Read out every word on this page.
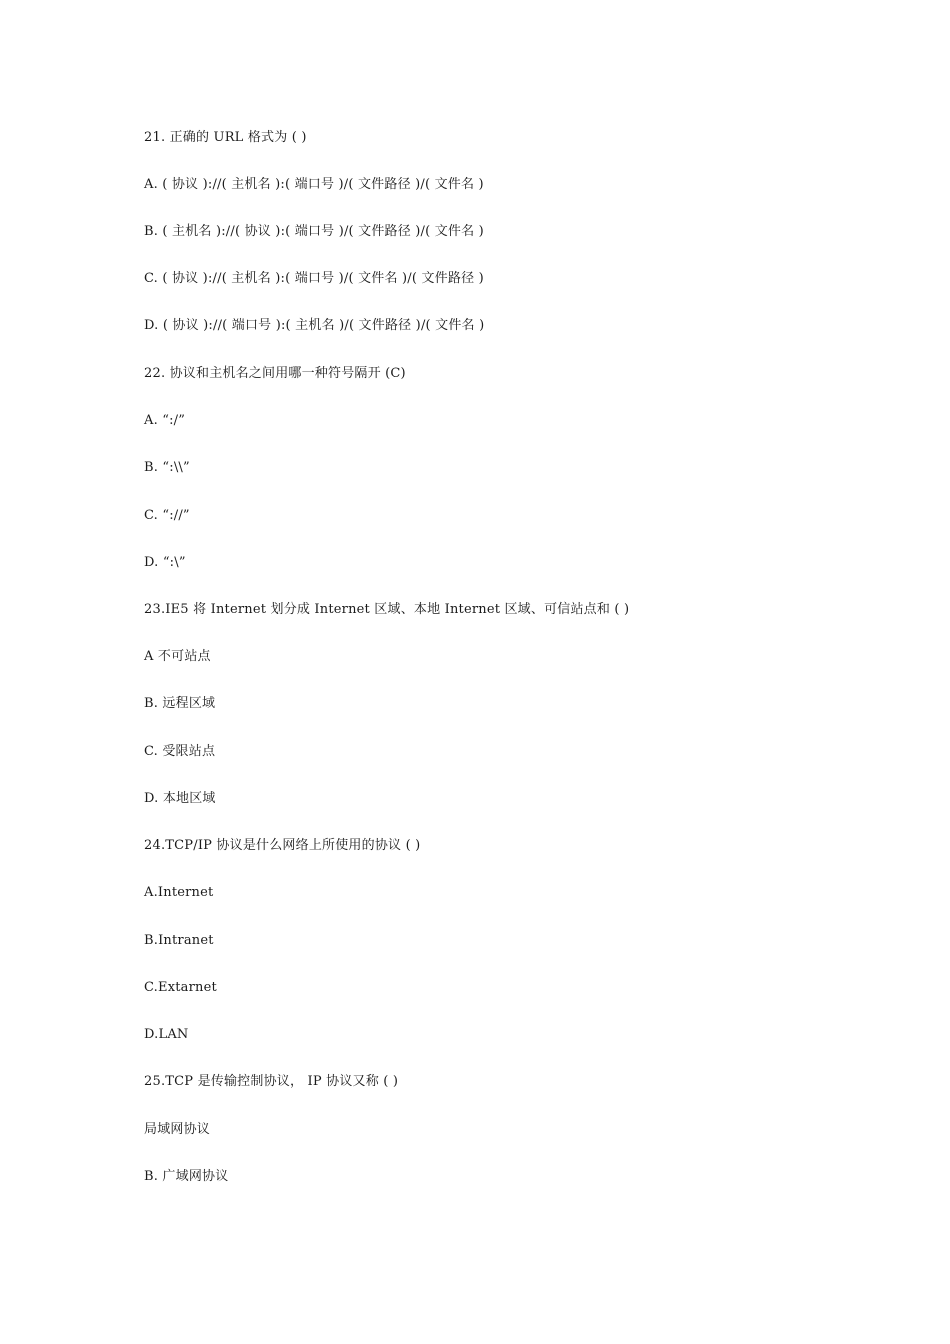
21. 正确的 URL 格式为 ( )
A. ( 协议 )://( 主机名 ):( 端口号 )/( 文件路径 )/( 文件名 )
B. ( 主机名 )://( 协议 ):( 端口号 )/( 文件路径 )/( 文件名 )
C. ( 协议 )://( 主机名 ):( 端口号 )/( 文件名 )/( 文件路径 )
D. ( 协议 )://( 端口号 ):( 主机名 )/( 文件路径 )/( 文件名 )
22. 协议和主机名之间用哪一种符号隔开 (C)
A. “:/”
B. “:\\”
C. “://”
D. “:\”
23.IE5 将 Internet 划分成 Internet 区域、本地 Internet 区域、可信站点和 ( )
A 不可站点
B. 远程区域
C. 受限站点
D. 本地区域
24.TCP/IP 协议是什么网络上所使用的协议 ( )
A.Internet
B.Intranet
C.Extarnet
D.LAN
25.TCP 是传输控制协议， IP 协议又称 ( )
局域网协议
B. 广域网协议
